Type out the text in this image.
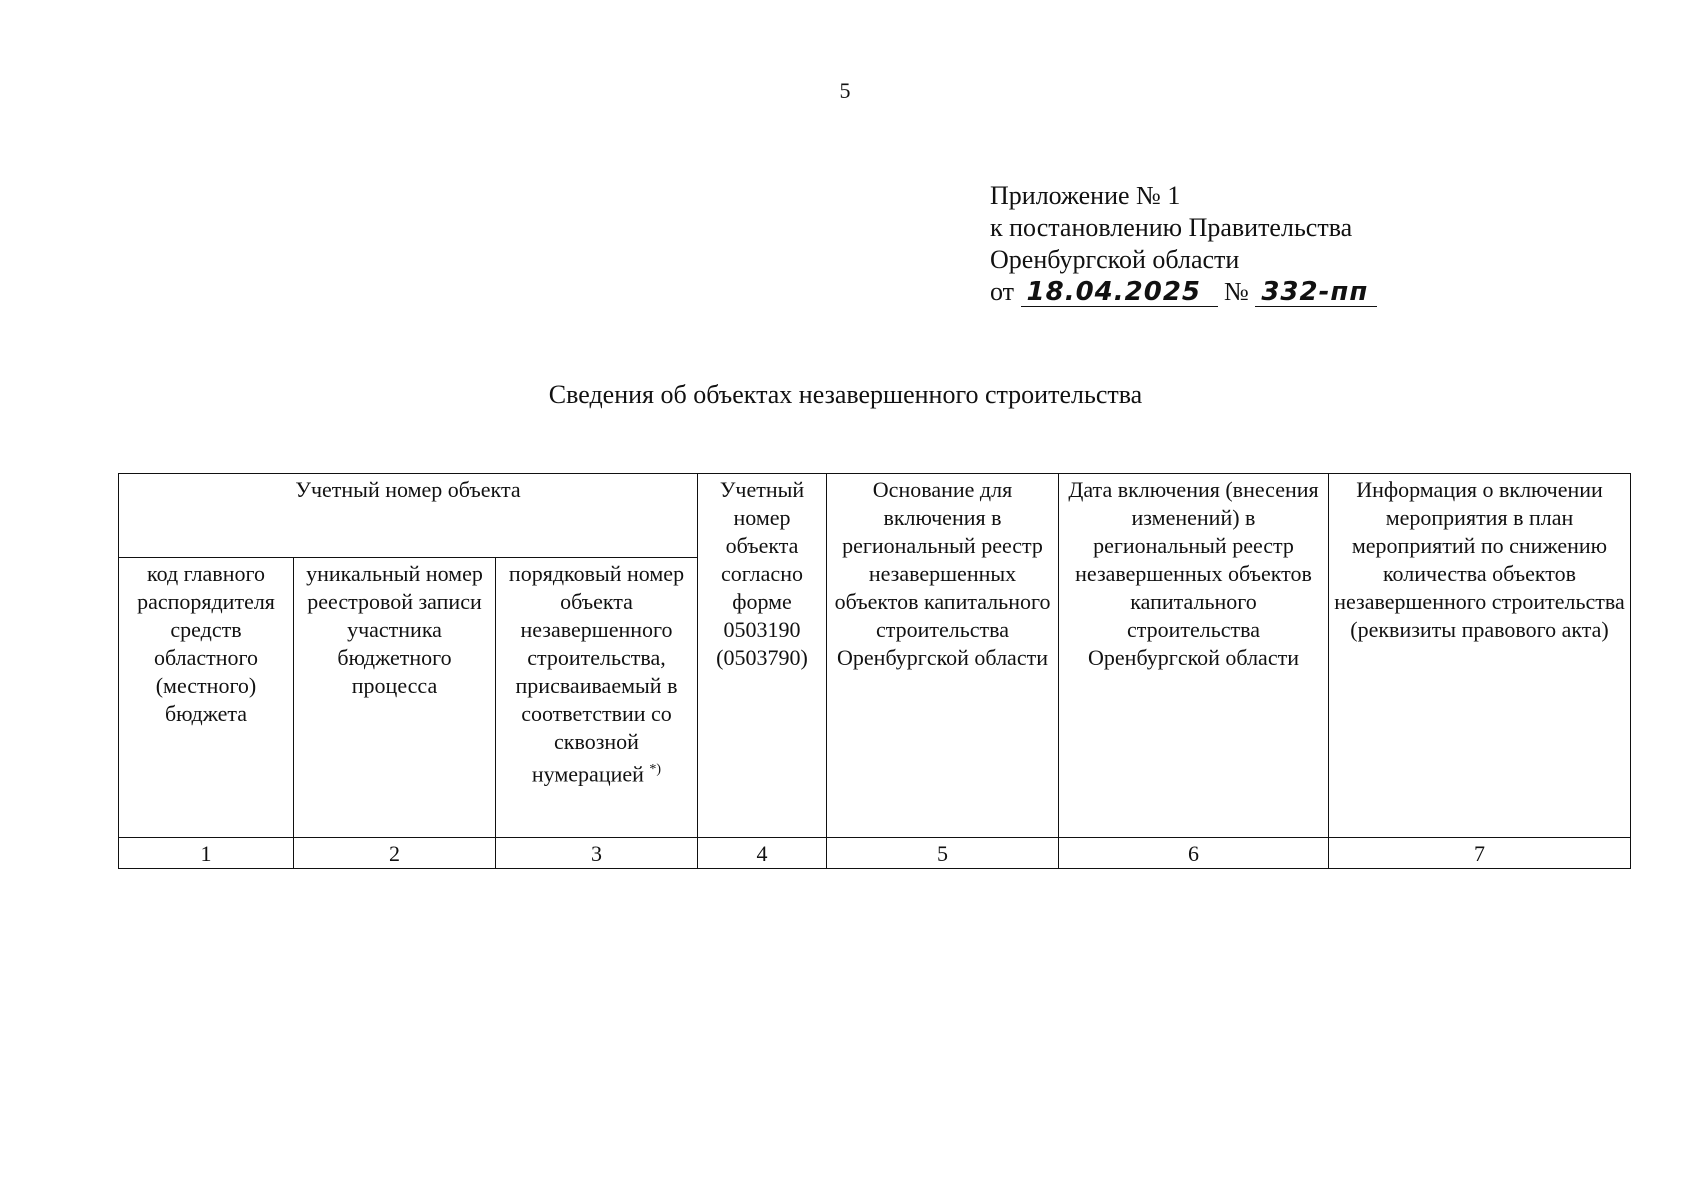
5
Приложение № 1
к постановлению Правительства
Оренбургской области
от 18.04.2025 № 332-пп
Сведения об объектах незавершенного строительства
Учетный номер объекта			Учетный номер объекта согласно форме 0503190 (0503790)	Основание для включения в региональный реестр незавершенных объектов капитального строительства Оренбургской области	Дата включения (внесения изменений) в региональный реестр незавершенных объектов капитального строительства Оренбургской области	Информация о включении мероприятия в план мероприятий по снижению количества объектов незавершенного строительства (реквизиты правового акта)
код главного распорядителя средств областного (местного) бюджета	уникальный номер реестровой записи участника бюджетного процесса	порядковый номер объекта незавершенного строительства, присваиваемый в соответствии со сквозной нумерацией *)
1	2	3	4	5	6	7
